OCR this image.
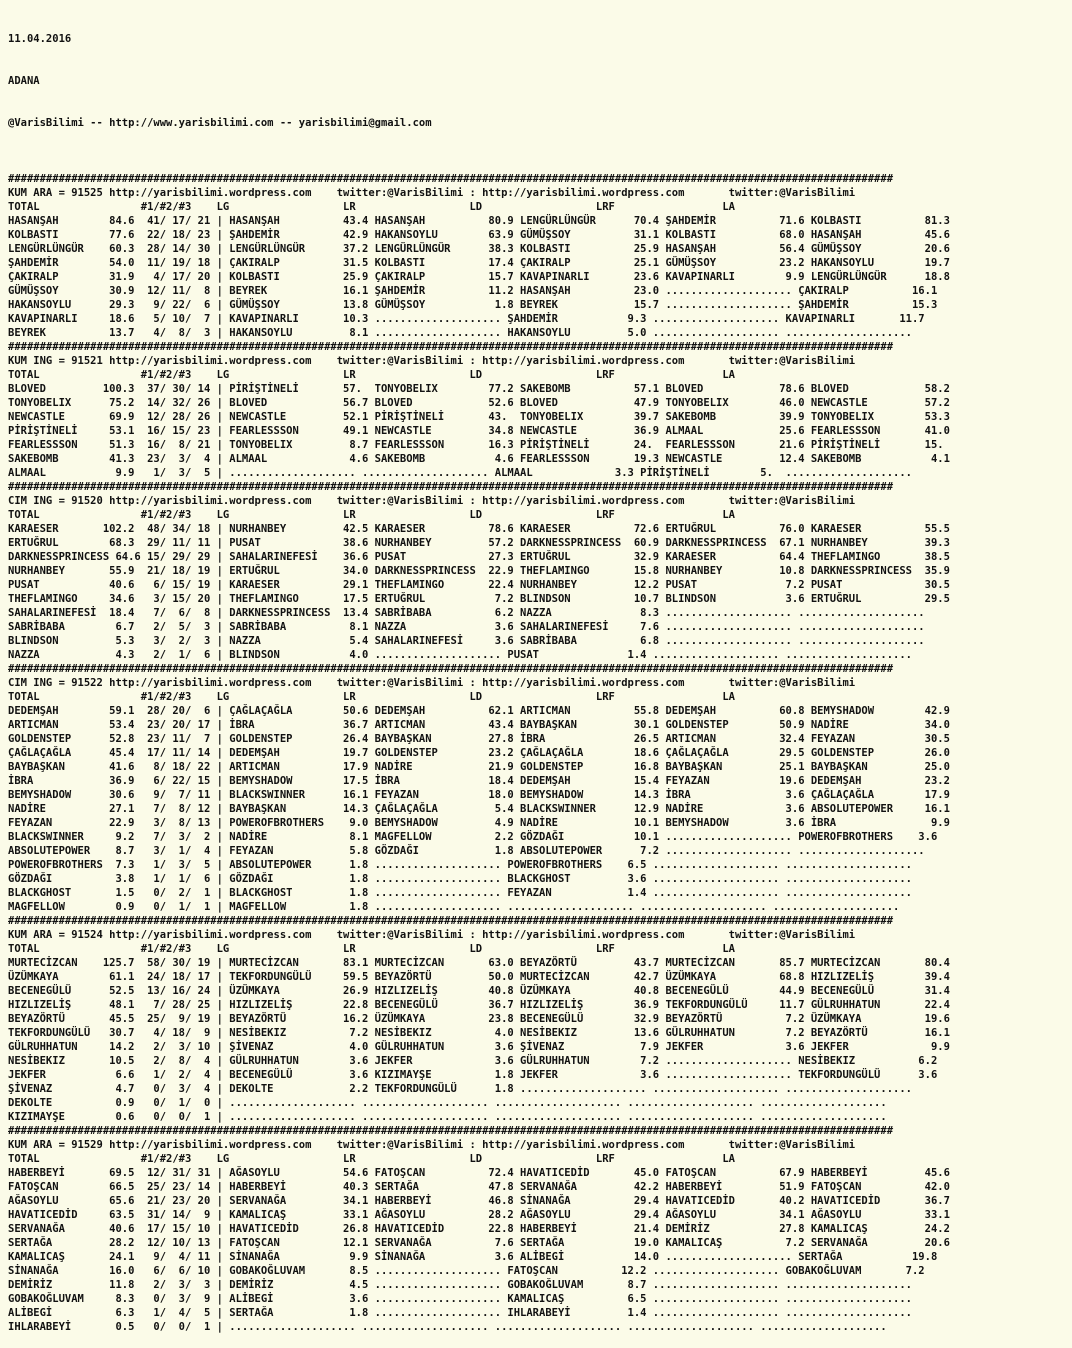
11.04.2016

ADANA

@VarisBilimi -- http://www.yarisbilimi.com -- yarisbilimi@gmail.com

############################################################################################################################################
KUM ARA = 91525 http://yarisbilimi.wordpress.com    twitter:@VarisBilimi : http://yarisbilimi.wordpress.com       twitter:@VarisBilimi
TOTAL                #1/#2/#3    LG                  LR                  LD                  LRF                 LA
HASANŞAH        84.6  41/ 17/ 21 | HASANŞAH          43.4 HASANŞAH          80.9 LENGÜRLÜNGÜR      70.4 ŞAHDEMİR          71.6 KOLBASTI          81.3
KOLBASTI        77.6  22/ 18/ 23 | ŞAHDEMİR          42.9 HAKANSOYLU        63.9 GÜMÜŞSOY          31.1 KOLBASTI          68.0 HASANŞAH          45.6
LENGÜRLÜNGÜR    60.3  28/ 14/ 30 | LENGÜRLÜNGÜR      37.2 LENGÜRLÜNGÜR      38.3 KOLBASTI          25.9 HASANŞAH          56.4 GÜMÜŞSOY          20.6
ŞAHDEMİR        54.0  11/ 19/ 18 | ÇAKIRALP          31.5 KOLBASTI          17.4 ÇAKIRALP          25.1 GÜMÜŞSOY          23.2 HAKANSOYLU        19.7
ÇAKIRALP        31.9   4/ 17/ 20 | KOLBASTI          25.9 ÇAKIRALP          15.7 KAVAPINARLI       23.6 KAVAPINARLI        9.9 LENGÜRLÜNGÜR      18.8
GÜMÜŞSOY        30.9  12/ 11/  8 | BEYREK            16.1 ŞAHDEMİR          11.2 HASANŞAH          23.0 .................... ÇAKIRALP          16.1
HAKANSOYLU      29.3   9/ 22/  6 | GÜMÜŞSOY          13.8 GÜMÜŞSOY           1.8 BEYREK            15.7 .................... ŞAHDEMİR          15.3
KAVAPINARLI     18.6   5/ 10/  7 | KAVAPINARLI       10.3 .................... ŞAHDEMİR           9.3 .................... KAVAPINARLI       11.7
BEYREK          13.7   4/  8/  3 | HAKANSOYLU         8.1 .................... HAKANSOYLU         5.0 .................... ....................
############################################################################################################################################
KUM ING = 91521 http://yarisbilimi.wordpress.com    twitter:@VarisBilimi : http://yarisbilimi.wordpress.com       twitter:@VarisBilimi
TOTAL                #1/#2/#3    LG                  LR                  LD                  LRF                 LA
BLOVED         100.3  37/ 30/ 14 | PİRİŞTİNELİ       57.  TONYOBELIX        77.2 SAKEBOMB          57.1 BLOVED            78.6 BLOVED            58.2
TONYOBELIX      75.2  14/ 32/ 26 | BLOVED            56.7 BLOVED            52.6 BLOVED            47.9 TONYOBELIX        46.0 NEWCASTLE         57.2
NEWCASTLE       69.9  12/ 28/ 26 | NEWCASTLE         52.1 PİRİŞTİNELİ       43.  TONYOBELIX        39.7 SAKEBOMB          39.9 TONYOBELIX        53.3
PİRİŞTİNELİ     53.1  16/ 15/ 23 | FEARLESSSON       49.1 NEWCASTLE         34.8 NEWCASTLE         36.9 ALMAAL            25.6 FEARLESSSON       41.0
FEARLESSSON     51.3  16/  8/ 21 | TONYOBELIX         8.7 FEARLESSSON       16.3 PİRİŞTİNELİ       24.  FEARLESSSON       21.6 PİRİŞTİNELİ       15.
SAKEBOMB        41.3  23/  3/  4 | ALMAAL             4.6 SAKEBOMB           4.6 FEARLESSSON       19.3 NEWCASTLE         12.4 SAKEBOMB           4.1
ALMAAL           9.9   1/  3/  5 | .................... .................... ALMAAL             3.3 PİRİŞTİNELİ        5.  ....................
############################################################################################################################################
CIM ING = 91520 http://yarisbilimi.wordpress.com    twitter:@VarisBilimi : http://yarisbilimi.wordpress.com       twitter:@VarisBilimi
TOTAL                #1/#2/#3    LG                  LR                  LD                  LRF                 LA
KARAESER       102.2  48/ 34/ 18 | NURHANBEY         42.5 KARAESER          78.6 KARAESER          72.6 ERTUĞRUL          76.0 KARAESER          55.5
ERTUĞRUL        68.3  29/ 11/ 11 | PUSAT             38.6 NURHANBEY         57.2 DARKNESSPRINCESS  60.9 DARKNESSPRINCESS  67.1 NURHANBEY         39.3
DARKNESSPRINCESS 64.6 15/ 29/ 29 | SAHALARINEFESİ    36.6 PUSAT             27.3 ERTUĞRUL          32.9 KARAESER          64.4 THEFLAMINGO       38.5
NURHANBEY       55.9  21/ 18/ 19 | ERTUĞRUL          34.0 DARKNESSPRINCESS  22.9 THEFLAMINGO       15.8 NURHANBEY         10.8 DARKNESSPRINCESS  35.9
PUSAT           40.6   6/ 15/ 19 | KARAESER          29.1 THEFLAMINGO       22.4 NURHANBEY         12.2 PUSAT              7.2 PUSAT             30.5
THEFLAMINGO     34.6   3/ 15/ 20 | THEFLAMINGO       17.5 ERTUĞRUL           7.2 BLINDSON          10.7 BLINDSON           3.6 ERTUĞRUL          29.5
SAHALARINEFESİ  18.4   7/  6/  8 | DARKNESSPRINCESS  13.4 SABRİBABA          6.2 NAZZA              8.3 .................... ....................
SABRİBABA        6.7   2/  5/  3 | SABRİBABA          8.1 NAZZA              3.6 SAHALARINEFESİ     7.6 .................... ....................
BLINDSON         5.3   3/  2/  3 | NAZZA              5.4 SAHALARINEFESİ     3.6 SABRİBABA          6.8 .................... ....................
NAZZA            4.3   2/  1/  6 | BLINDSON           4.0 .................... PUSAT              1.4 .................... ....................
############################################################################################################################################
CIM ING = 91522 http://yarisbilimi.wordpress.com    twitter:@VarisBilimi : http://yarisbilimi.wordpress.com       twitter:@VarisBilimi
TOTAL                #1/#2/#3    LG                  LR                  LD                  LRF                 LA
DEDEMŞAH        59.1  28/ 20/  6 | ÇAĞLAÇAĞLA        50.6 DEDEMŞAH          62.1 ARTICMAN          55.8 DEDEMŞAH          60.8 BEMYSHADOW        42.9
ARTICMAN        53.4  23/ 20/ 17 | İBRA              36.7 ARTICMAN          43.4 BAYBAŞKAN         30.1 GOLDENSTEP        50.9 NADİRE            34.0
GOLDENSTEP      52.8  23/ 11/  7 | GOLDENSTEP        26.4 BAYBAŞKAN         27.8 İBRA              26.5 ARTICMAN          32.4 FEYAZAN           30.5
ÇAĞLAÇAĞLA      45.4  17/ 11/ 14 | DEDEMŞAH          19.7 GOLDENSTEP        23.2 ÇAĞLAÇAĞLA        18.6 ÇAĞLAÇAĞLA        29.5 GOLDENSTEP        26.0
BAYBAŞKAN       41.6   8/ 18/ 22 | ARTICMAN          17.9 NADİRE            21.9 GOLDENSTEP        16.8 BAYBAŞKAN         25.1 BAYBAŞKAN         25.0
İBRA            36.9   6/ 22/ 15 | BEMYSHADOW        17.5 İBRA              18.4 DEDEMŞAH          15.4 FEYAZAN           19.6 DEDEMŞAH          23.2
BEMYSHADOW      30.6   9/  7/ 11 | BLACKSWINNER      16.1 FEYAZAN           18.0 BEMYSHADOW        14.3 İBRA               3.6 ÇAĞLAÇAĞLA        17.9
NADİRE          27.1   7/  8/ 12 | BAYBAŞKAN         14.3 ÇAĞLAÇAĞLA         5.4 BLACKSWINNER      12.9 NADİRE             3.6 ABSOLUTEPOWER     16.1
FEYAZAN         22.9   3/  8/ 13 | POWEROFBROTHERS    9.0 BEMYSHADOW         4.9 NADİRE            10.1 BEMYSHADOW         3.6 İBRA               9.9
BLACKSWINNER     9.2   7/  3/  2 | NADİRE             8.1 MAGFELLOW          2.2 GÖZDAĞI           10.1 .................... POWEROFBROTHERS    3.6
ABSOLUTEPOWER    8.7   3/  1/  4 | FEYAZAN            5.8 GÖZDAĞI            1.8 ABSOLUTEPOWER      7.2 .................... ....................
POWEROFBROTHERS  7.3   1/  3/  5 | ABSOLUTEPOWER      1.8 .................... POWEROFBROTHERS    6.5 .................... ....................
GÖZDAĞI          3.8   1/  1/  6 | GÖZDAĞI            1.8 .................... BLACKGHOST         3.6 .................... ....................
BLACKGHOST       1.5   0/  2/  1 | BLACKGHOST         1.8 .................... FEYAZAN            1.4 .................... ....................
MAGFELLOW        0.9   0/  1/  1 | MAGFELLOW          1.8 .................... .................... .................... ....................
############################################################################################################################################
KUM ARA = 91524 http://yarisbilimi.wordpress.com    twitter:@VarisBilimi : http://yarisbilimi.wordpress.com       twitter:@VarisBilimi
TOTAL                #1/#2/#3    LG                  LR                  LD                  LRF                 LA
MURTECİZCAN    125.7  58/ 30/ 19 | MURTECİZCAN       83.1 MURTECİZCAN       63.0 BEYAZÖRTÜ         43.7 MURTECİZCAN       85.7 MURTECİZCAN       80.4
ÜZÜMKAYA        61.1  24/ 18/ 17 | TEKFORDUNGÜLÜ     59.5 BEYAZÖRTÜ         50.0 MURTECİZCAN       42.7 ÜZÜMKAYA          68.8 HIZLIZELİŞ        39.4
BECENEGÜLÜ      52.5  13/ 16/ 24 | ÜZÜMKAYA          26.9 HIZLIZELİŞ        40.8 ÜZÜMKAYA          40.8 BECENEGÜLÜ        44.9 BECENEGÜLÜ        31.4
HIZLIZELİŞ      48.1   7/ 28/ 25 | HIZLIZELİŞ        22.8 BECENEGÜLÜ        36.7 HIZLIZELİŞ        36.9 TEKFORDUNGÜLÜ     11.7 GÜLRUHHATUN       22.4
BEYAZÖRTÜ       45.5  25/  9/ 19 | BEYAZÖRTÜ         16.2 ÜZÜMKAYA          23.8 BECENEGÜLÜ        32.9 BEYAZÖRTÜ          7.2 ÜZÜMKAYA          19.6
TEKFORDUNGÜLÜ   30.7   4/ 18/  9 | NESİBEKIZ          7.2 NESİBEKIZ          4.0 NESİBEKIZ         13.6 GÜLRUHHATUN        7.2 BEYAZÖRTÜ         16.1
GÜLRUHHATUN     14.2   2/  3/ 10 | ŞİVENAZ            4.0 GÜLRUHHATUN        3.6 ŞİVENAZ            7.9 JEKFER             3.6 JEKFER             9.9
NESİBEKIZ       10.5   2/  8/  4 | GÜLRUHHATUN        3.6 JEKFER             3.6 GÜLRUHHATUN        7.2 .................... NESİBEKIZ          6.2
JEKFER           6.6   1/  2/  4 | BECENEGÜLÜ         3.6 KIZIMAYŞE          1.8 JEKFER             3.6 .................... TEKFORDUNGÜLÜ      3.6
ŞİVENAZ          4.7   0/  3/  4 | DEKOLTE            2.2 TEKFORDUNGÜLÜ      1.8 .................... .................... ....................
DEKOLTE          0.9   0/  1/  0 | .................... .................... .................... .................... ....................
KIZIMAYŞE        0.6   0/  0/  1 | .................... .................... .................... .................... ....................
############################################################################################################################################
KUM ARA = 91529 http://yarisbilimi.wordpress.com    twitter:@VarisBilimi : http://yarisbilimi.wordpress.com       twitter:@VarisBilimi
TOTAL                #1/#2/#3    LG                  LR                  LD                  LRF                 LA
HABERBEYİ       69.5  12/ 31/ 31 | AĞASOYLU          54.6 FATOŞCAN          72.4 HAVATICEDİD       45.0 FATOŞCAN          67.9 HABERBEYİ         45.6
FATOŞCAN        66.5  25/ 23/ 14 | HABERBEYİ         40.3 SERTAĞA           47.8 SERVANAĞA         42.2 HABERBEYİ         51.9 FATOŞCAN          42.0
AĞASOYLU        65.6  21/ 23/ 20 | SERVANAĞA         34.1 HABERBEYİ         46.8 SİNANAĞA          29.4 HAVATICEDİD       40.2 HAVATICEDİD       36.7
HAVATICEDİD     63.5  31/ 14/  9 | KAMALICAŞ         33.1 AĞASOYLU          28.2 AĞASOYLU          29.4 AĞASOYLU          34.1 AĞASOYLU          33.1
SERVANAĞA       40.6  17/ 15/ 10 | HAVATICEDİD       26.8 HAVATICEDİD       22.8 HABERBEYİ         21.4 DEMİRİZ           27.8 KAMALICAŞ         24.2
SERTAĞA         28.2  12/ 10/ 13 | FATOŞCAN          12.1 SERVANAĞA          7.6 SERTAĞA           19.0 KAMALICAŞ          7.2 SERVANAĞA         20.6
KAMALICAŞ       24.1   9/  4/ 11 | SİNANAĞA           9.9 SİNANAĞA           3.6 ALİBEGİ           14.0 .................... SERTAĞA           19.8
SİNANAĞA        16.0   6/  6/ 10 | GOBAKOĞLUVAM       8.5 .................... FATOŞCAN          12.2 .................... GOBAKOĞLUVAM       7.2
DEMİRİZ         11.8   2/  3/  3 | DEMİRİZ            4.5 .................... GOBAKOĞLUVAM       8.7 .................... ....................
GOBAKOĞLUVAM     8.3   0/  3/  9 | ALİBEGİ            3.6 .................... KAMALICAŞ          6.5 .................... ....................
ALİBEGİ          6.3   1/  4/  5 | SERTAĞA            1.8 .................... IHLARABEYİ         1.4 .................... ....................
IHLARABEYİ       0.5   0/  0/  1 | .................... .................... .................... .................... ....................
